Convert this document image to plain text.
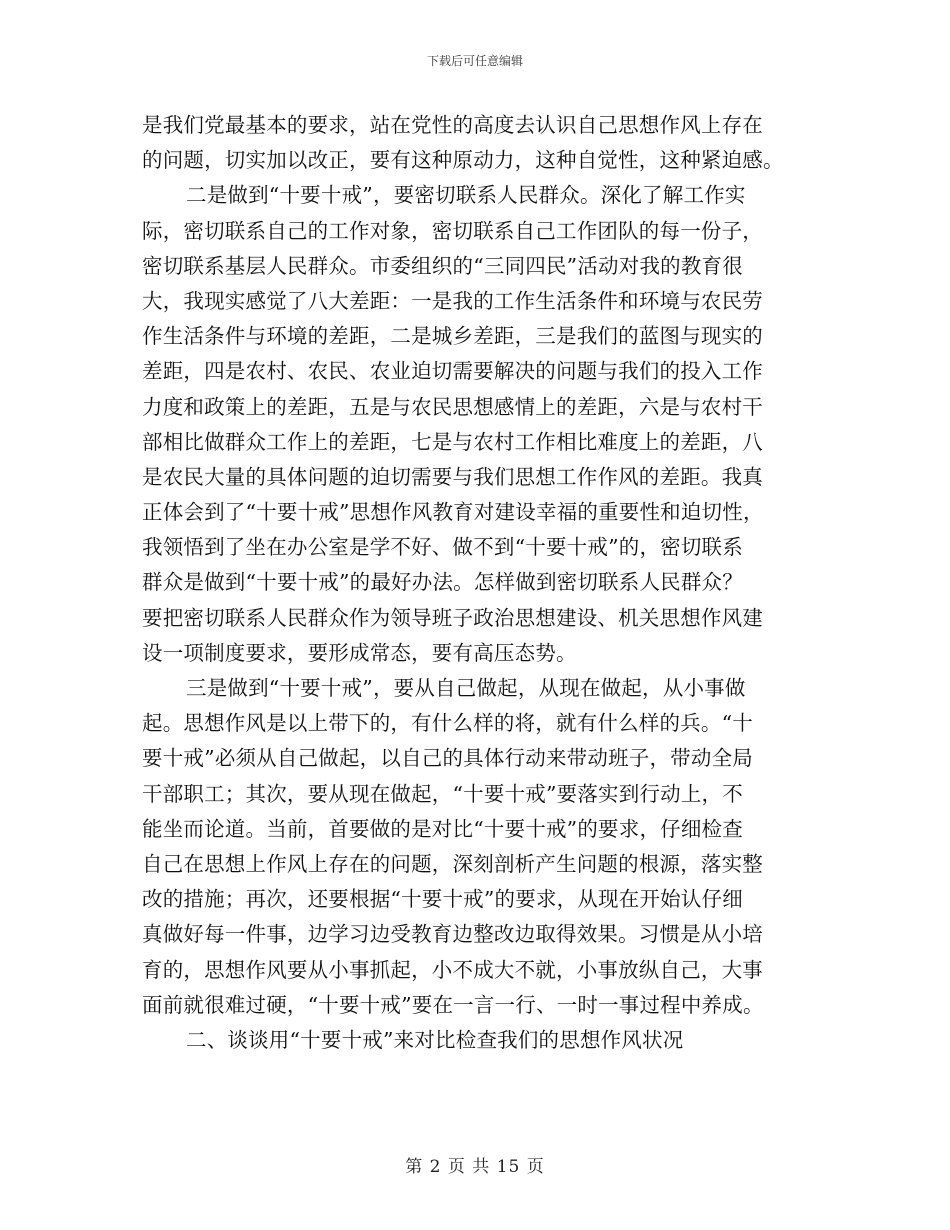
下载后可任意编辑
是我们党最基本的要求，站在党性的高度去认识自己思想作风上存在
的问题，切实加以改正，要有这种原动力，这种自觉性，这种紧迫感。
二是做到“十要十戒”，要密切联系人民群众。深化了解工作实
际，密切联系自己的工作对象，密切联系自己工作团队的每一份子，
密切联系基层人民群众。市委组织的“三同四民”活动对我的教育很
大，我现实感觉了八大差距：一是我的工作生活条件和环境与农民劳
作生活条件与环境的差距，二是城乡差距，三是我们的蓝图与现实的
差距，四是农村、农民、农业迫切需要解决的问题与我们的投入工作
力度和政策上的差距，五是与农民思想感情上的差距，六是与农村干
部相比做群众工作上的差距，七是与农村工作相比难度上的差距，八
是农民大量的具体问题的迫切需要与我们思想工作作风的差距。我真
正体会到了“十要十戒”思想作风教育对建设幸福的重要性和迫切性，
我领悟到了坐在办公室是学不好、做不到“十要十戒”的，密切联系
群众是做到“十要十戒”的最好办法。怎样做到密切联系人民群众？
要把密切联系人民群众作为领导班子政治思想建设、机关思想作风建
设一项制度要求，要形成常态，要有高压态势。
三是做到“十要十戒”，要从自己做起，从现在做起，从小事做
起。思想作风是以上带下的，有什么样的将，就有什么样的兵。“十
要十戒”必须从自己做起，以自己的具体行动来带动班子，带动全局
干部职工；其次，要从现在做起，“十要十戒”要落实到行动上，不
能坐而论道。当前，首要做的是对比“十要十戒”的要求，仔细检查
自己在思想上作风上存在的问题，深刻剖析产生问题的根源，落实整
改的措施；再次，还要根据“十要十戒”的要求，从现在开始认仔细
真做好每一件事，边学习边受教育边整改边取得效果。习惯是从小培
育的，思想作风要从小事抓起，小不成大不就，小事放纵自己，大事
面前就很难过硬，“十要十戒”要在一言一行、一时一事过程中养成。
二、谈谈用“十要十戒”来对比检查我们的思想作风状况
第 2 页 共 15 页
